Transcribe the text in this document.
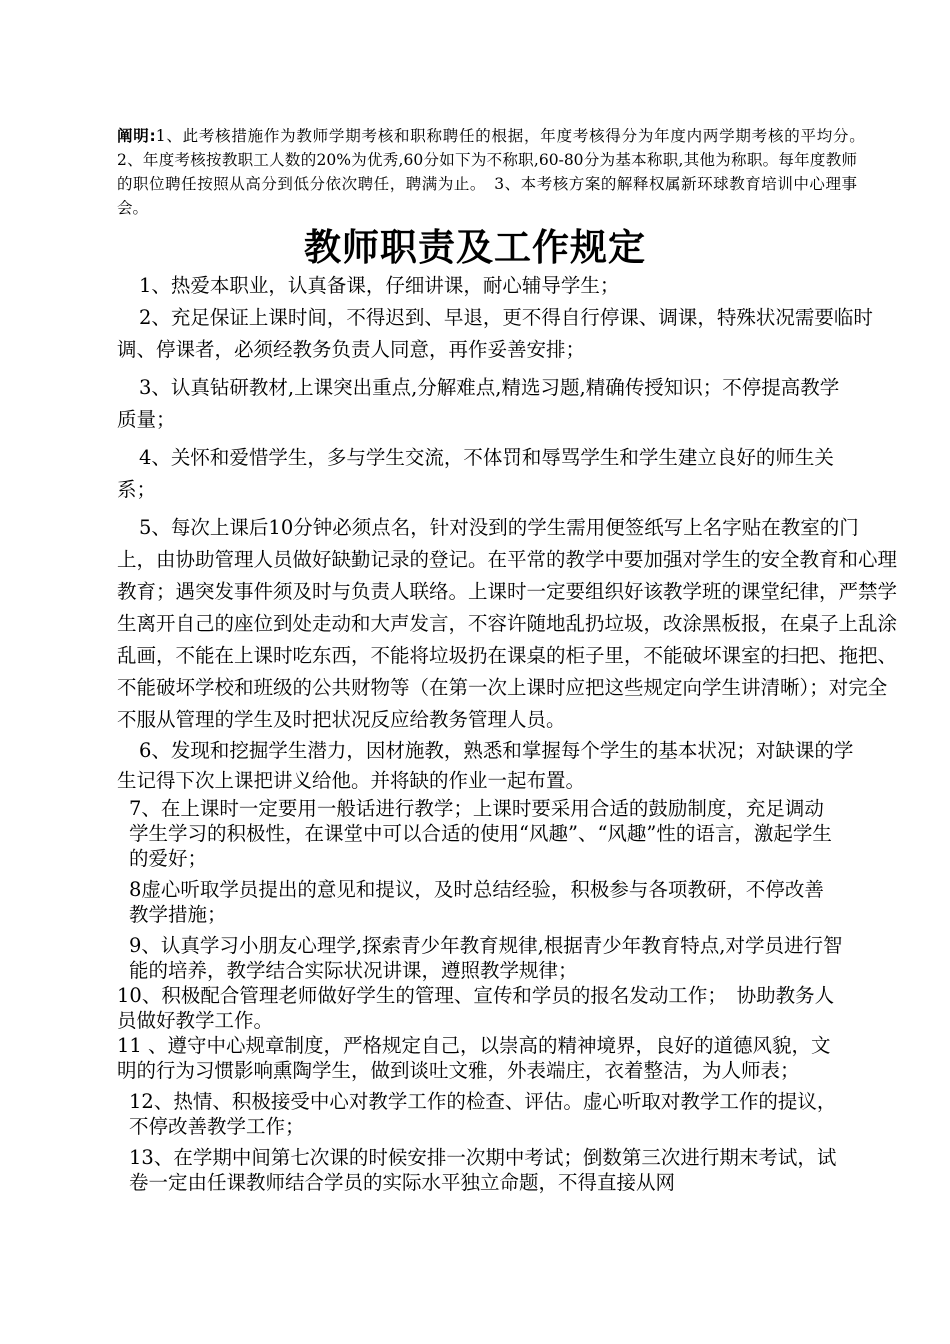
阐明:1、此考核措施作为教师学期考核和职称聘任的根据，年度考核得分为年度内两学期考核的平均分。　2、年度考核按教职工人数的20%为优秀,60分如下为不称职,60-80分为基本称职,其他为称职。每年度教师的职位聘任按照从高分到低分依次聘任，聘满为止。　3、本考核方案的解释权属新环球教育培训中心理事会。
教师职责及工作规定

1、热爱本职业，认真备课，仔细讲课，耐心辅导学生；

2、充足保证上课时间，不得迟到、早退，更不得自行停课、调课，特殊状况需要临时调、停课者，必须经教务负责人同意，再作妥善安排；

3、认真钻研教材,上课突出重点,分解难点,精选习题,精确传授知识；不停提高教学质量；

4、关怀和爱惜学生，多与学生交流，不体罚和辱骂学生和学生建立良好的师生关系；

5、每次上课后10分钟必须点名，针对没到的学生需用便签纸写上名字贴在教室的门上，由协助管理人员做好缺勤记录的登记。在平常的教学中要加强对学生的安全教育和心理教育；遇突发事件须及时与负责人联络。上课时一定要组织好该教学班的课堂纪律，严禁学生离开自己的座位到处走动和大声发言，不容许随地乱扔垃圾，改涂黑板报，在桌子上乱涂乱画，不能在上课时吃东西，不能将垃圾扔在课桌的柜子里，不能破坏课室的扫把、拖把、不能破坏学校和班级的公共财物等（在第一次上课时应把这些规定向学生讲清晰）；对完全不服从管理的学生及时把状况反应给教务管理人员。

6、发现和挖掘学生潜力，因材施教，熟悉和掌握每个学生的基本状况；对缺课的学生记得下次上课把讲义给他。并将缺的作业一起布置。

7、在上课时一定要用一般话进行教学；上课时要采用合适的鼓励制度，充足调动学生学习的积极性，在课堂中可以合适的使用“风趣”、“风趣”性的语言，激起学生的爱好；

8虚心听取学员提出的意见和提议，及时总结经验，积极参与各项教研，不停改善教学措施；

9、认真学习小朋友心理学,探索青少年教育规律,根据青少年教育特点,对学员进行智能的培养，教学结合实际状况讲课，遵照教学规律；

10、积极配合管理老师做好学生的管理、宣传和学员的报名发动工作；　协助教务人员做好教学工作。

11 、遵守中心规章制度，严格规定自己，以崇高的精神境界，良好的道德风貌，文明的行为习惯影响熏陶学生，做到谈吐文雅，外表端庄，衣着整洁，为人师表；

12、热情、积极接受中心对教学工作的检查、评估。虚心听取对教学工作的提议，不停改善教学工作；

13、在学期中间第七次课的时候安排一次期中考试；倒数第三次进行期末考试，试卷一定由任课教师结合学员的实际水平独立命题，不得直接从网
